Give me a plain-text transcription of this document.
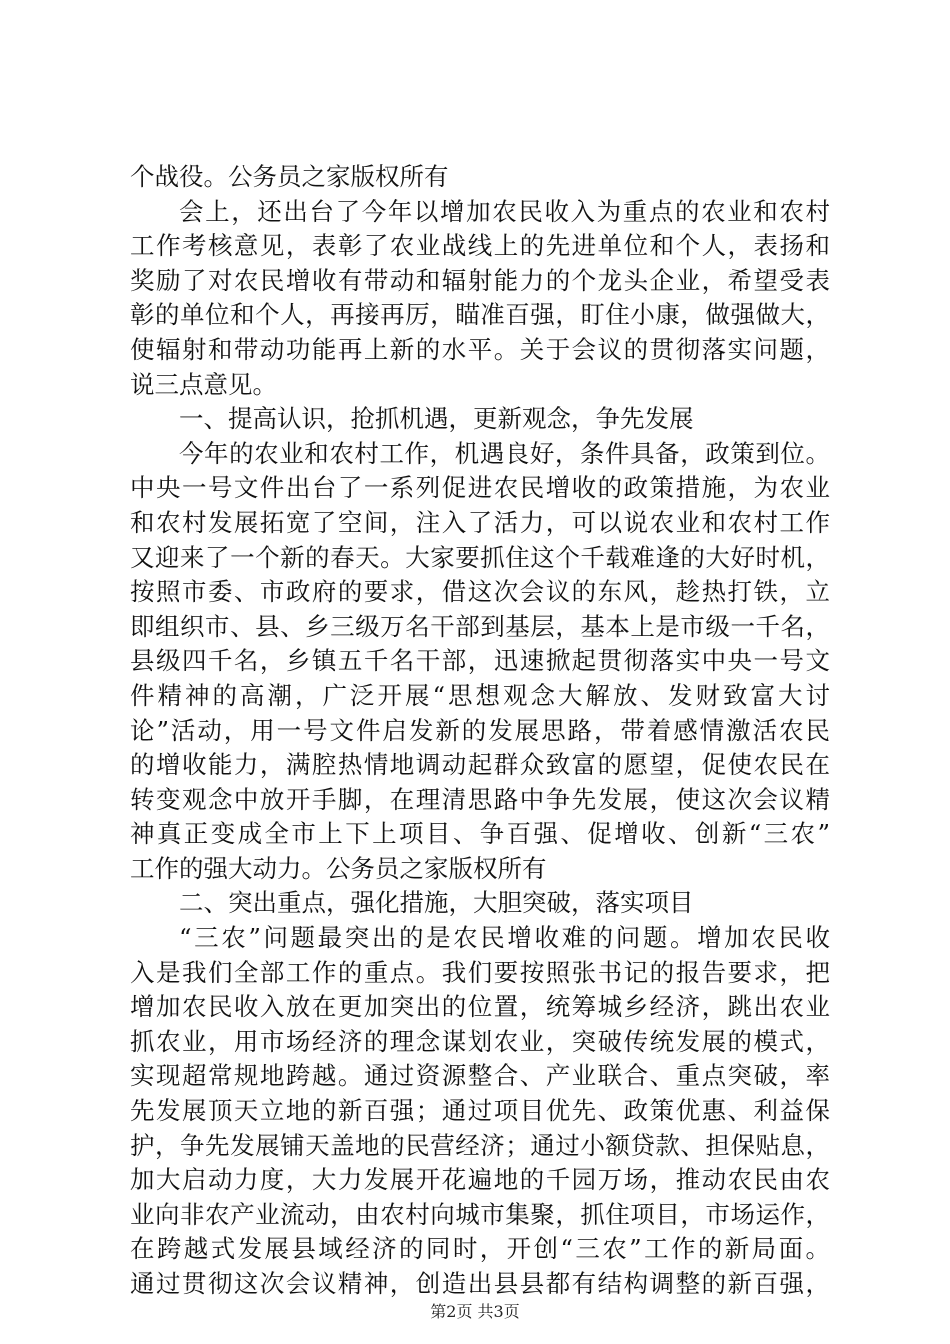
个战役。公务员之家版权所有
会上，还出台了今年以增加农民收入为重点的农业和农村
工作考核意见，表彰了农业战线上的先进单位和个人，表扬和
奖励了对农民增收有带动和辐射能力的个龙头企业，希望受表
彰的单位和个人，再接再厉，瞄准百强，盯住小康，做强做大，
使辐射和带动功能再上新的水平。关于会议的贯彻落实问题，
说三点意见。
一、提高认识，抢抓机遇，更新观念，争先发展
今年的农业和农村工作，机遇良好，条件具备，政策到位。
中央一号文件出台了一系列促进农民增收的政策措施，为农业
和农村发展拓宽了空间，注入了活力，可以说农业和农村工作
又迎来了一个新的春天。大家要抓住这个千载难逢的大好时机，
按照市委、市政府的要求，借这次会议的东风，趁热打铁，立
即组织市、县、乡三级万名干部到基层，基本上是市级一千名，
县级四千名，乡镇五千名干部，迅速掀起贯彻落实中央一号文
件精神的高潮，广泛开展“思想观念大解放、发财致富大讨
论”活动，用一号文件启发新的发展思路，带着感情激活农民
的增收能力，满腔热情地调动起群众致富的愿望，促使农民在
转变观念中放开手脚，在理清思路中争先发展，使这次会议精
神真正变成全市上下上项目、争百强、促增收、创新“三农”
工作的强大动力。公务员之家版权所有
二、突出重点，强化措施，大胆突破，落实项目
“三农”问题最突出的是农民增收难的问题。增加农民收
入是我们全部工作的重点。我们要按照张书记的报告要求，把
增加农民收入放在更加突出的位置，统筹城乡经济，跳出农业
抓农业，用市场经济的理念谋划农业，突破传统发展的模式，
实现超常规地跨越。通过资源整合、产业联合、重点突破，率
先发展顶天立地的新百强；通过项目优先、政策优惠、利益保
护，争先发展铺天盖地的民营经济；通过小额贷款、担保贴息，
加大启动力度，大力发展开花遍地的千园万场，推动农民由农
业向非农产业流动，由农村向城市集聚，抓住项目，市场运作，
在跨越式发展县域经济的同时，开创“三农”工作的新局面。
通过贯彻这次会议精神，创造出县县都有结构调整的新百强，
第2页 共3页
